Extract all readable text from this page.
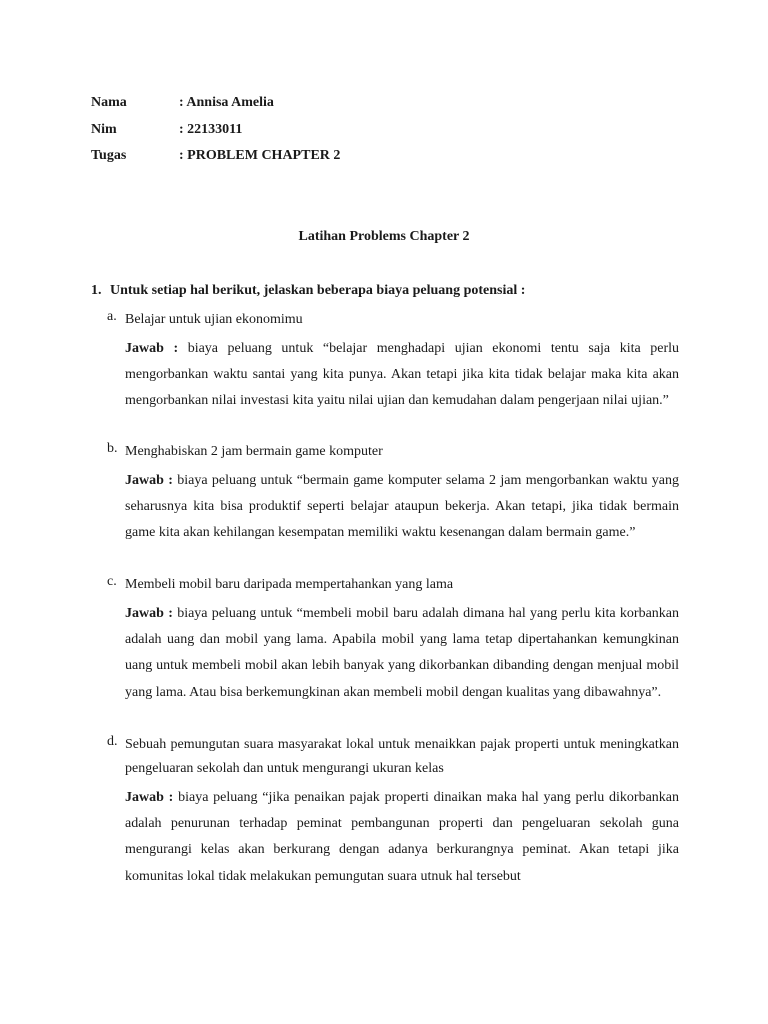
Nama	: Annisa Amelia
Nim	: 22133011
Tugas	: PROBLEM CHAPTER 2
Latihan Problems Chapter 2
1. Untuk setiap hal berikut, jelaskan beberapa biaya peluang potensial :
a. Belajar untuk ujian ekonomimu
Jawab : biaya peluang untuk “belajar menghadapi ujian ekonomi tentu saja kita perlu mengorbankan waktu santai yang kita punya. Akan tetapi jika kita tidak belajar maka kita akan mengorbankan nilai investasi kita yaitu nilai ujian dan kemudahan dalam pengerjaan nilai ujian.”
b. Menghabiskan 2 jam bermain game komputer
Jawab : biaya peluang untuk “bermain game komputer selama 2 jam mengorbankan waktu yang seharusnya kita bisa produktif seperti belajar ataupun bekerja. Akan tetapi, jika tidak bermain game kita akan kehilangan kesempatan memiliki waktu kesenangan dalam bermain game.”
c. Membeli mobil baru daripada mempertahankan yang lama
Jawab : biaya peluang untuk “membeli mobil baru adalah dimana hal yang perlu kita korbankan adalah uang dan mobil yang lama. Apabila mobil yang lama tetap dipertahankan kemungkinan uang untuk membeli mobil akan lebih banyak yang dikorbankan dibanding dengan menjual mobil yang lama. Atau bisa berkemungkinan akan membeli mobil dengan kualitas yang dibawahnya”.
d. Sebuah pemungutan suara masyarakat lokal untuk menaikkan pajak properti untuk meningkatkan pengeluaran sekolah dan untuk mengurangi ukuran kelas
Jawab : biaya peluang “jika penaikan pajak properti dinaikan maka hal yang perlu dikorbankan adalah penurunan terhadap peminat pembangunan properti dan pengeluaran sekolah guna mengurangi kelas akan berkurang dengan adanya berkurangnya peminat. Akan tetapi jika komunitas lokal tidak melakukan pemungutan suara utnuk hal tersebut
